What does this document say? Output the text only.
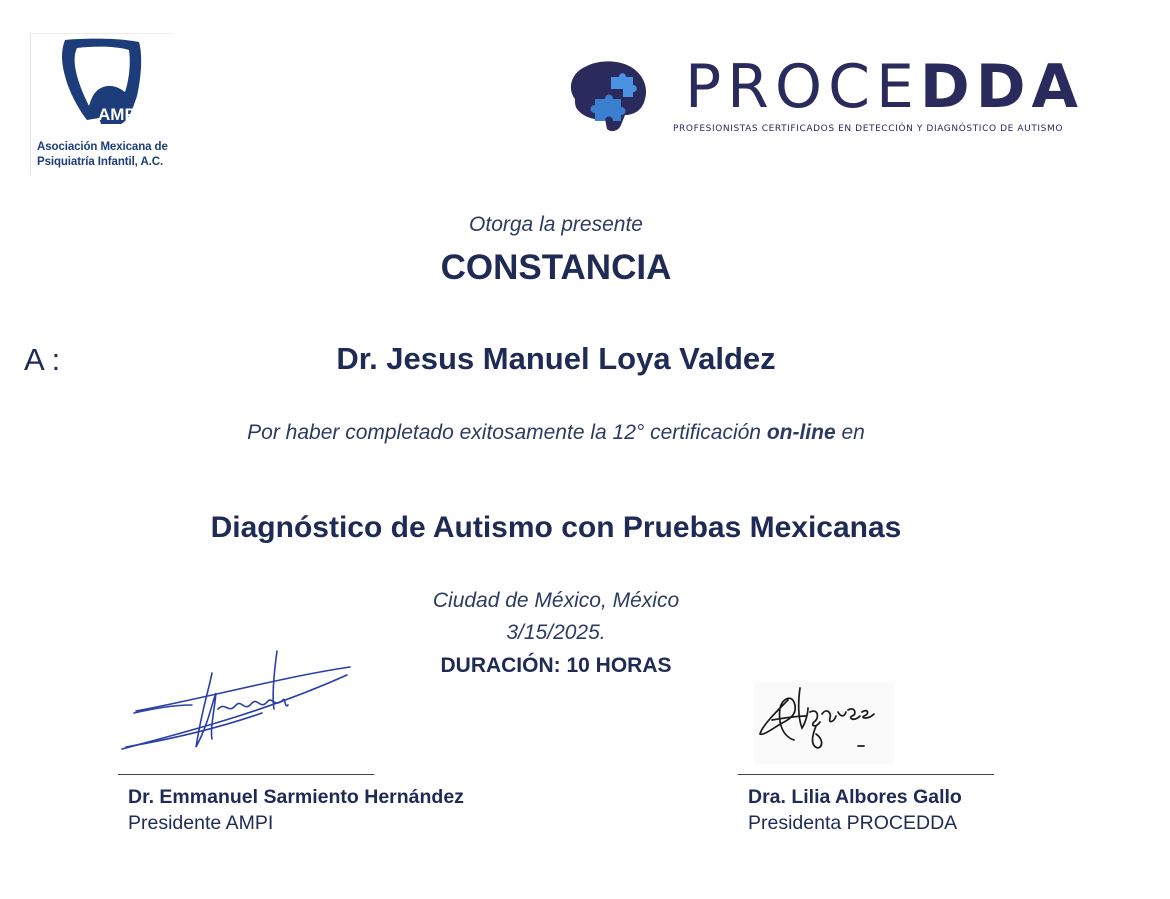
AMPI
Asociación Mexicana de
Psiquiatría Infantil, A.C.
PROCEDDA
PROFESIONISTAS CERTIFICADOS EN DETECCIÓN Y DIAGNÓSTICO DE AUTISMO
Otorga la presente
CONSTANCIA
A :	Dr. Jesus Manuel Loya Valdez
Por haber completado exitosamente la 12° certificación on-line en
Diagnóstico de Autismo con Pruebas Mexicanas
Ciudad de México, México
3/15/2025.
DURACIÓN: 10 HORAS
Dr. Emmanuel Sarmiento Hernández
Presidente AMPI
Dra. Lilia Albores Gallo
Presidenta PROCEDDA
